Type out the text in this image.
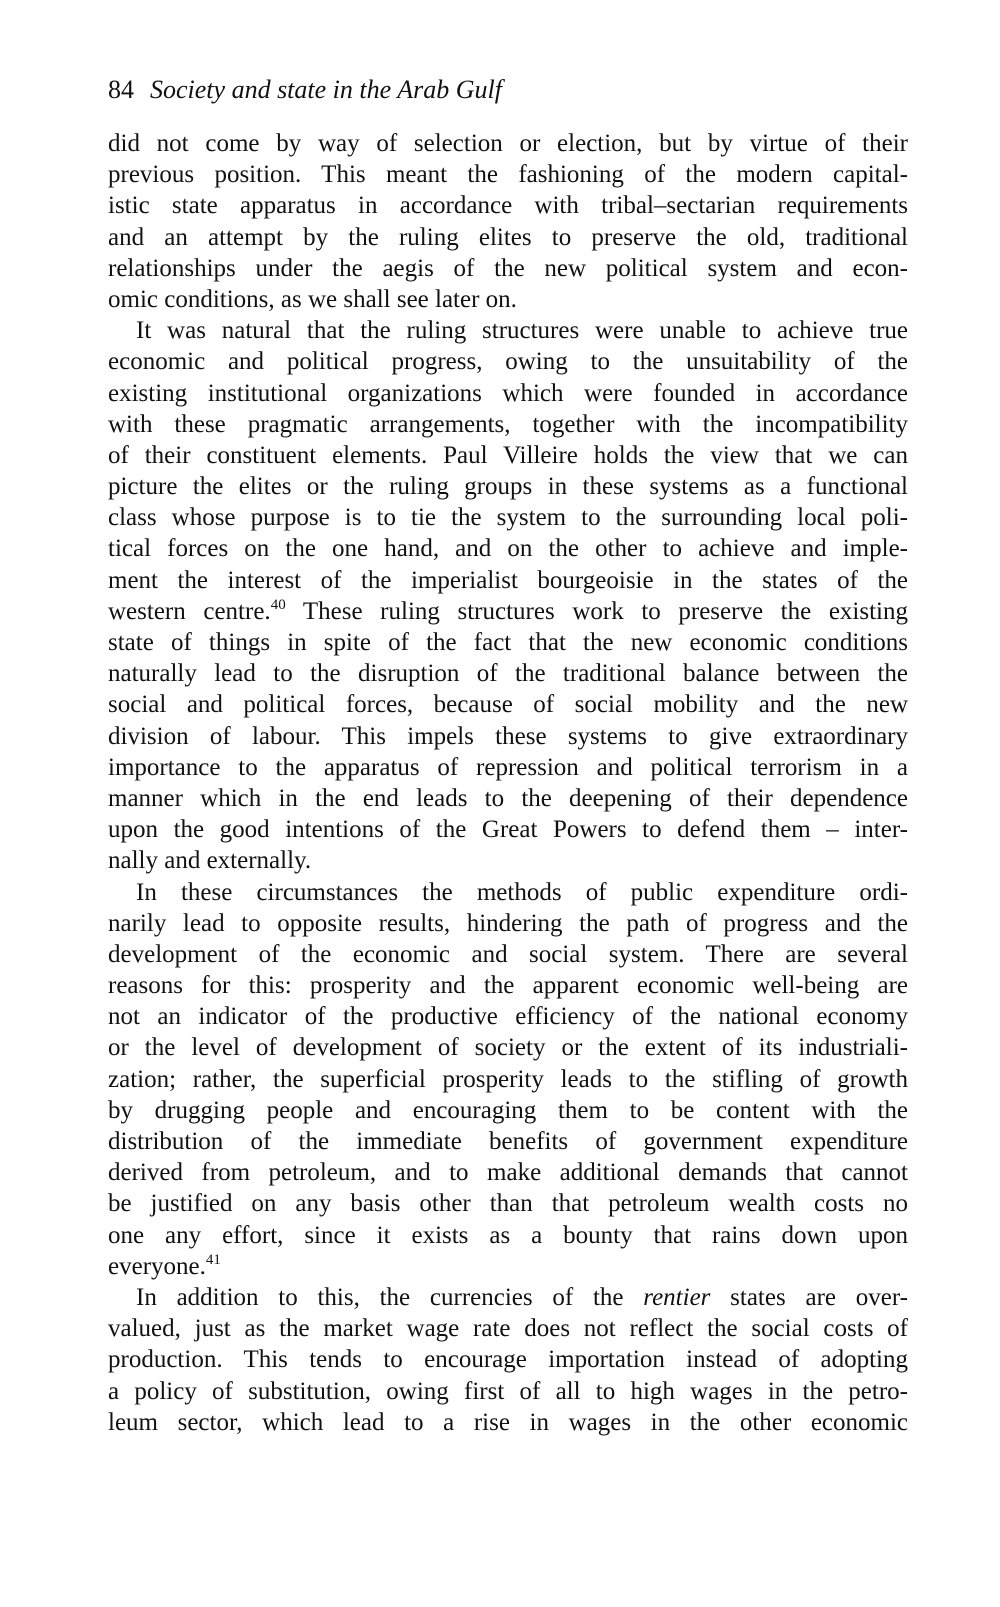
84 Society and state in the Arab Gulf
did not come by way of selection or election, but by virtue of their
previous position. This meant the fashioning of the modern capital-
istic state apparatus in accordance with tribal–sectarian requirements
and an attempt by the ruling elites to preserve the old, traditional
relationships under the aegis of the new political system and econ-
omic conditions, as we shall see later on.
It was natural that the ruling structures were unable to achieve true
economic and political progress, owing to the unsuitability of the
existing institutional organizations which were founded in accordance
with these pragmatic arrangements, together with the incompatibility
of their constituent elements. Paul Villeire holds the view that we can
picture the elites or the ruling groups in these systems as a functional
class whose purpose is to tie the system to the surrounding local poli-
tical forces on the one hand, and on the other to achieve and imple-
ment the interest of the imperialist bourgeoisie in the states of the
western centre.$^{40}$ These ruling structures work to preserve the existing
state of things in spite of the fact that the new economic conditions
naturally lead to the disruption of the traditional balance between the
social and political forces, because of social mobility and the new
division of labour. This impels these systems to give extraordinary
importance to the apparatus of repression and political terrorism in a
manner which in the end leads to the deepening of their dependence
upon the good intentions of the Great Powers to defend them – inter-
nally and externally.
In these circumstances the methods of public expenditure ordi-
narily lead to opposite results, hindering the path of progress and the
development of the economic and social system. There are several
reasons for this: prosperity and the apparent economic well-being are
not an indicator of the productive efficiency of the national economy
or the level of development of society or the extent of its industriali-
zation; rather, the superficial prosperity leads to the stifling of growth
by drugging people and encouraging them to be content with the
distribution of the immediate benefits of government expenditure
derived from petroleum, and to make additional demands that cannot
be justified on any basis other than that petroleum wealth costs no
one any effort, since it exists as a bounty that rains down upon
everyone.$^{41}$
In addition to this, the currencies of the rentier states are over-
valued, just as the market wage rate does not reflect the social costs of
production. This tends to encourage importation instead of adopting
a policy of substitution, owing first of all to high wages in the petro-
leum sector, which lead to a rise in wages in the other economic
